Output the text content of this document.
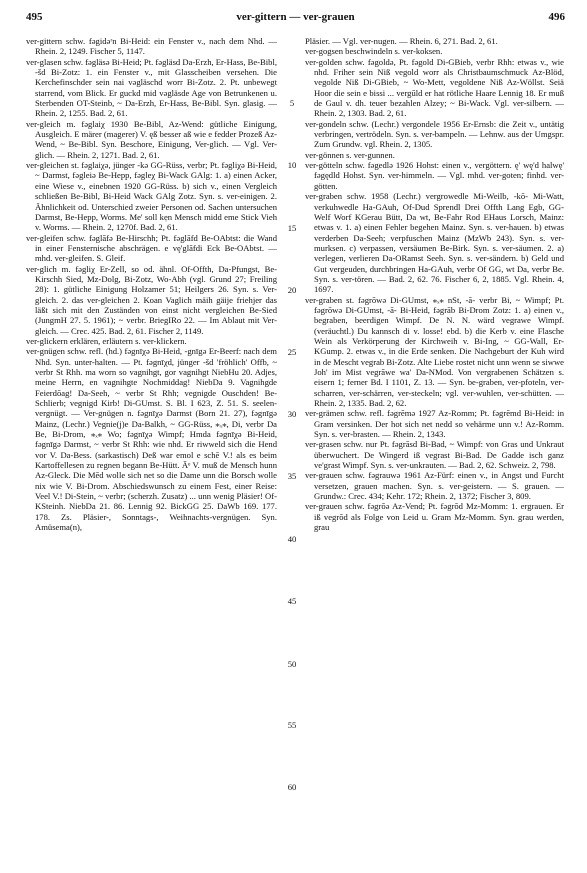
495	ver-gittern — ver-grauen	496

ver-gittern schw. fəgidəʳn Bi-Heid: ein Fenster v., nach dem Nhd. — Rhein. 2, 1249. Fischer 5, 1147.

ver-glasen schw. fəgläsə Bi-Heid; Pt. fəgläsd Da-Erzh, Er-Hass, Be-Bibl, -šd Bi-Zotz: 1. ein Fenster v., mit Glasscheiben versehen. Die Kerchefinschder sein nai vəgläschd worr Bi-Zotz. 2. Pt. unbewegt starrend, vom Blick. Er guckd mid vəgläsde Age von Betrunkenen u. Sterbenden OT-Steinb, ~ Da-Erzh, Er-Hass, Be-Bibl. Syn. glasig. — Rhein. 2, 1255. Bad. 2, 61.

ver-gleich m. fəglaiχ 1930 Be-Bibl, Az-Wend: gütliche Einigung, Ausgleich. E märer (magerer) V. ęß besser aß wie e fedder Prozeß Az-Wend, ~ Be-Bibl. Syn. Beschore, Einigung, Ver-glich. — Vgl. Ver-glich. — Rhein. 2, 1271. Bad. 2, 61.

ver-gleichen st. fəglaiχə, jünger -kə GG-Rüss, verbr; Pt. fəgliχə Bi-Heid, ~ Darmst, fəgleiə Be-Hepp, fəgleχ Bi-Wack GAlg: 1. a) einen Acker, eine Wiese v., einebnen 1920 GG-Rüss. b) sich v., einen Vergleich schließen Be-Bibl, Bi-Heid Wack GAlg Zotz. Syn. s. ver-einigen. 2. Ähnlichkeit od. Unterschied zweier Personen od. Sachen untersuchen Darmst, Be-Hepp, Worms. Me' soll kẹn Mensch midd eme Stick Vieh v. Worms. — Rhein. 2, 1270f. Bad. 2, 61.

ver-gleifen schw. fəglāfə Be-Hirschh; Pt. fəglāfd Be-OAbtst: die Wand in einer Fensternische abschrägen. e vę'glāfdi Eck Be-OAbtst. — mhd. ver-gleifen. S. Gleif.

ver-glich m. fəgliχ Er-Zell, so od. ähnl. Of-Offth, Da-Pfungst, Be-Kirschh Sied, Mz-Dolg, Bi-Zotz, Wo-Abh (vgl. Grund 27; Freiling 28): 1. gütliche Einigung Holzamer 51; Heilgers 26. Syn. s. Ver-gleich. 2. das ver-gleichen 2. Koan Vaglich mäih gäije friehjer das läßt sich mit den Zuständen von einst nicht vergleichen Be-Sied (JungmH 27. 5. 1961); ~ verbr. BriegIRo 22. — Im Ablaut mit Ver-gleich. — Crec. 425. Bad. 2, 61. Fischer 2, 1149.

ver-glickern erklären, erläutern s. ver-klickern.

ver-gnügen schw. refl. (hd.) fəgnīχə Bi-Heid, -gnīgə Er-Beerf: nach dem Nhd. Syn. unter-halten. — Pt. fəgnīχd, jünger -šd 'fröhlich' Offb, ~ verbr St Rhh. ma worn so vagnihgt, gor vagnihgt NiebHu 20. Adjes, meine Herrn, en vagnihgte Nochmiddag! NiebDa 9. Vagnihgde Feierdōag! Da-Seeh, ~ verbr St Rhh; vegnigde Ouschden! Be-Schlierb; vegnigd Kirb! Di-GUmst. S. Bl. I 623, Z. 51. S. seelen-vergnügt. — Ver-gnügen n. fəgnīχə Darmst (Born 21. 27), fəgnīgə Mainz, (Lechr.) Vegnie(j)e Da-Balkh, ~ GG-Rüss, ⁎ₓ⁎, Di, verbr Da Be, Bi-Drom, ⁎ₓ⁎ Wo; fəgnīχə Wimpf; Hmda fəgnīχə Bi-Heid, fəgnīgə Darmst, ~ verbr St Rhh: wie nhd. Er riwweld sich die Hend vor V. Da-Bess. (sarkastisch) Deß war emol e schē V.! als es beim Kartoffellesen zu regnen begann Be-Hütt. Āᵉ V. muß de Mensch hunn Az-Gleck. Die Mēd wolle sich net so die Dame unn die Borsch wolle nix wie V. Bi-Drom. Abschiedswunsch zu einem Fest, einer Reise: Veel V.! Di-Stein, ~ verbr; (scherzh. Zusatz) ... unn wenig Pläsier! Of-KSteinh. NiebDa 21. 86. Lennig 92. BickGG 25. DaWb 169. 177. 178. Zs. Pläsier-, Sonntags-, Weihnachts-vergnügen. Syn. Amüsema(n),

5
10
15
20
25
30
35
40
45
50
55
60

Pläsier. — Vgl. ver-nugen. — Rhein. 6, 271. Bad. 2, 61.

ver-gogsen beschwindeln s. ver-koksen.

ver-golden schw. fəgoldə, Pt. fəgold Di-GBieb, verbr Rhh: etwas v., wie nhd. Friher sein Niß vegold worr als Christbaumschmuck Az-Blöd, vegolde Niß Di-GBieb, ~ Wo-Mett, vegoldene Niß Az-Wöllst. Seiä Hoor die sein e bissi ... vergūld er hat rötliche Haare Lennig 18. Er muß de Gaul v. dh. teuer bezahlen Alzey; ~ Bi-Wack. Vgl. ver-silbern. — Rhein. 2, 1303. Bad. 2, 61.

ver-gondeln schw. (Lechr.) vergondele 1956 Er-Ernsb: die Zeit v., untätig verbringen, vertrödeln. Syn. s. ver-bampeln. — Lehnw. aus der Umgspr. Zum Grundw. vgl. Rhein. 2, 1305.

ver-gönnen s. ver-gunnen.

ver-götteln schw. fəgedlə 1926 Hohst: einen v., vergöttern. ę' wę'd halwę' fəgędld Hohst. Syn. ver-himmeln. — Vgl. mhd. ver-goten; finhd. ver-götten.

ver-graben schw. 1958 (Lechr.) vergrowedle Mi-Weilb, -kō- Mi-Watt, verkuhwedle Ha-GAuh, Of-Dud Sprendl Drei Offth Lang Egb, GG-Welf Worf KGerau Bütt, Da wt, Be-Fahr Rod EHaus Lorsch, Mainz: etwas v. 1. a) einen Fehler begehen Mainz. Syn. s. ver-hauen. b) etwas verderben Da-Seeh; verpfuschen Mainz (MzWb 243). Syn. s. ver-murksen. c) verpassen, versäumen Be-Birk. Syn. s. ver-säumen. 2. a) verlegen, verlieren Da-ORamst Seeh. Syn. s. ver-sändern. b) Geld und Gut vergeuden, durchbringen Ha-GAuh, verbr Of GG, wt Da, verbr Be. Syn. s. ver-tören. — Bad. 2, 62. 76. Fischer 6, 2, 1885. Vgl. Rhein. 4, 1697.

ver-graben st. fəgrōwə Di-GUmst, ⁎ₓ⁎ nSt, -ā- verbr Bi, ~ Wimpf; Pt. fəgrōwə Di-GUmst, -ā- Bi-Heid, fəgrāb Bi-Drom Zotz: 1. a) einen v., begraben, beerdigen Wimpf. De N. N. wärd vegrawe Wimpf. (veräuchtl.) Du kannsch di v. losse! ebd. b) die Kerb v. eine Flasche Wein als Verkörperung der Kirchweih v. Bi-Ing, ~ GG-Wall, Er-KGump. 2. etwas v., in die Erde senken. Die Nachgeburt der Kuh wird in de Mescht vegrab Bi-Zotz. Alte Liebe rostet nicht unn wenn se siwwe Joh' im Mist vegrāwe wa' Da-NMod. Von vergrabenen Schätzen s. eisern 1; ferner Bd. I 1101, Z. 13. — Syn. be-graben, ver-pfoteln, ver-scharren, ver-schärren, ver-steckeln; vgl. ver-wuhlen, ver-schütten. — Rhein. 2, 1335. Bad. 2, 62.

ver-grämen schw. refl. fəgrēmə 1927 Az-Romm; Pt. fəgrēmd Bi-Heid: in Gram versinken. Der hot sich net nedd so vehärme unn v.! Az-Romm. Syn. s. ver-brasten. — Rhein. 2, 1343.

ver-grasen schw. nur Pt. fəgrāsd Bi-Bad, ~ Wimpf: von Gras und Unkraut überwuchert. De Wingerd iß vegrast Bi-Bad. De Gadde isch ganz ve'grast Wimpf. Syn. s. ver-unkrauten. — Bad. 2, 62. Schweiz. 2, 798.

ver-grauen schw. fəgrauwə 1961 Az-Fürf: einen v., in Angst und Furcht versetzen, grauen machen. Syn. s. ver-geistern. — S. grauen. — Grundw.: Crec. 434; Kehr. 172; Rhein. 2, 1372; Fischer 3, 809.

ver-grauen schw. fəgrōə Az-Vend; Pt. fəgrōd Mz-Momm: 1. ergrauen. Er iß vegrōd als Folge von Leid u. Gram Mz-Momm. Syn. grau werden, grau
